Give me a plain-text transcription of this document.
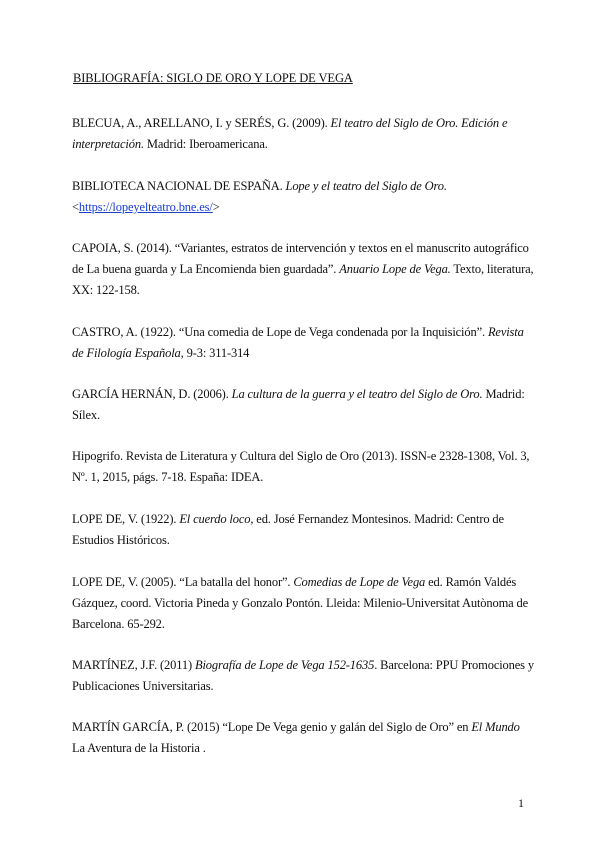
BIBLIOGRAFÍA: SIGLO DE ORO Y LOPE DE VEGA
BLECUA, A., ARELLANO, I. y SERÉS, G. (2009). El teatro del Siglo de Oro. Edición e interpretación. Madrid: Iberoamericana.
BIBLIOTECA NACIONAL DE ESPAÑA. Lope y el teatro del Siglo de Oro.
<https://lopeyelteatro.bne.es/>
CAPOIA, S. (2014). “Variantes, estratos de intervención y textos en el manuscrito autográfico de La buena guarda y La Encomienda bien guardada”. Anuario Lope de Vega. Texto, literatura, XX: 122-158.
CASTRO, A. (1922). “Una comedia de Lope de Vega condenada por la Inquisición”. Revista de Filología Española, 9-3: 311-314
GARCÍA HERNÁN, D. (2006). La cultura de la guerra y el teatro del Siglo de Oro. Madrid: Sílex.
Hipogrifo. Revista de Literatura y Cultura del Siglo de Oro (2013). ISSN-e 2328-1308, Vol. 3, Nº. 1, 2015, págs. 7-18. España: IDEA.
LOPE DE, V. (1922). El cuerdo loco, ed. José Fernandez Montesinos. Madrid: Centro de Estudios Históricos.
LOPE DE, V. (2005). “La batalla del honor”. Comedias de Lope de Vega ed. Ramón Valdés Gázquez, coord. Victoria Pineda y Gonzalo Pontón. Lleida: Milenio-Universitat Autònoma de Barcelona. 65-292.
MARTÍNEZ, J.F. (2011) Biografía de Lope de Vega 152-1635. Barcelona: PPU Promociones y Publicaciones Universitarias.
MARTÍN GARCÍA, P. (2015) “Lope De Vega genio y galán del Siglo de Oro” en El Mundo
La Aventura de la Historia .
1
